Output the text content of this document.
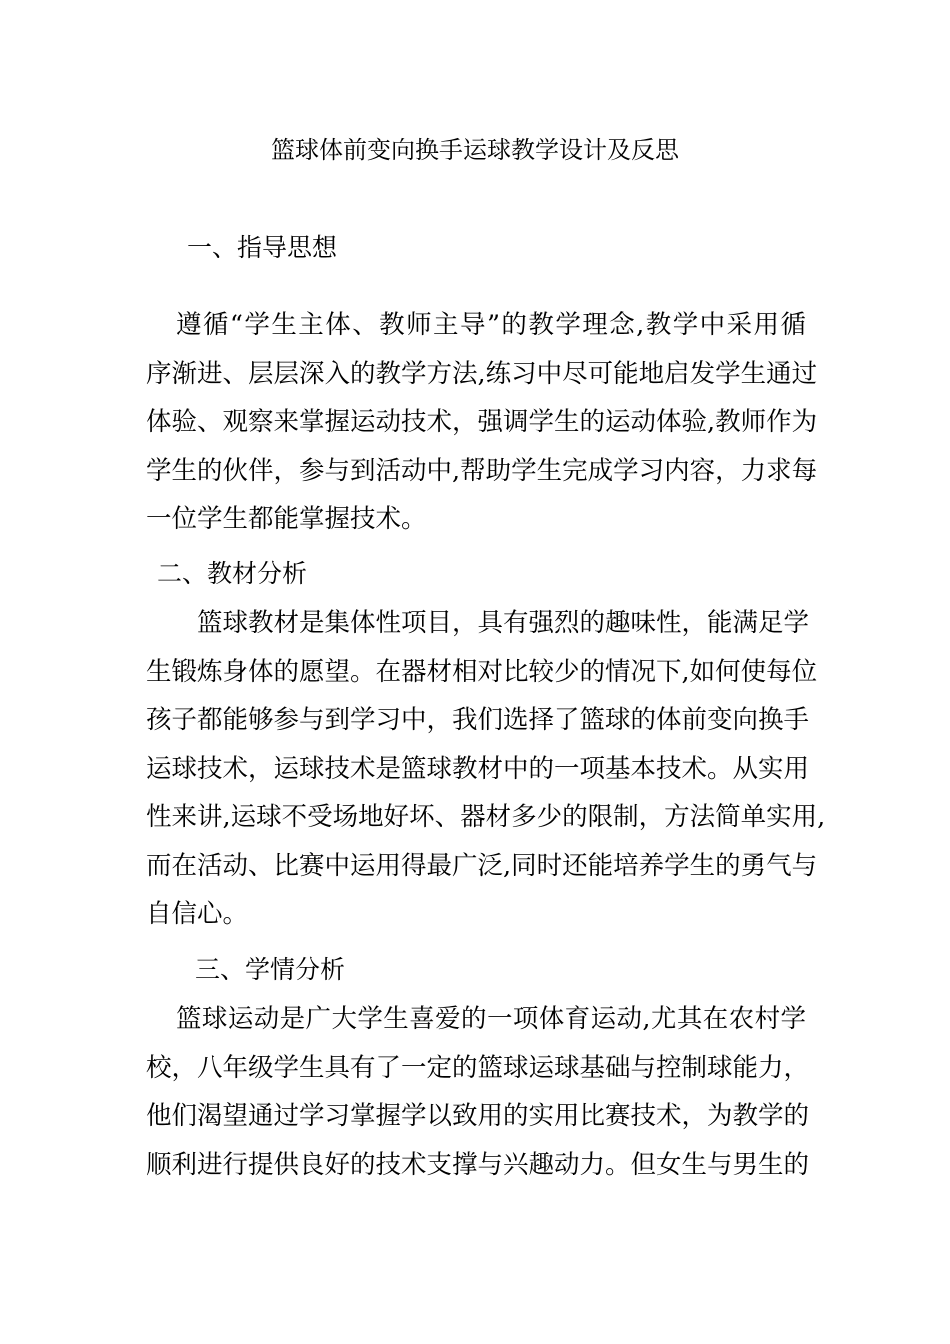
篮球体前变向换手运球教学设计及反思
一、指导思想
遵循“学生主体、教师主导”的教学理念,教学中采用循
序渐进、层层深入的教学方法,练习中尽可能地启发学生通过
体验、观察来掌握运动技术，强调学生的运动体验,教师作为
学生的伙伴，参与到活动中,帮助学生完成学习内容，力求每
一位学生都能掌握技术。
二、教材分析
篮球教材是集体性项目，具有强烈的趣味性，能满足学
生锻炼身体的愿望。在器材相对比较少的情况下,如何使每位
孩子都能够参与到学习中，我们选择了篮球的体前变向换手
运球技术，运球技术是篮球教材中的一项基本技术。从实用
性来讲,运球不受场地好坏、器材多少的限制，方法简单实用,
而在活动、比赛中运用得最广泛,同时还能培养学生的勇气与
自信心。
三、学情分析
篮球运动是广大学生喜爱的一项体育运动,尤其在农村学
校，八年级学生具有了一定的篮球运球基础与控制球能力，
他们渴望通过学习掌握学以致用的实用比赛技术，为教学的
顺利进行提供良好的技术支撑与兴趣动力。但女生与男生的
